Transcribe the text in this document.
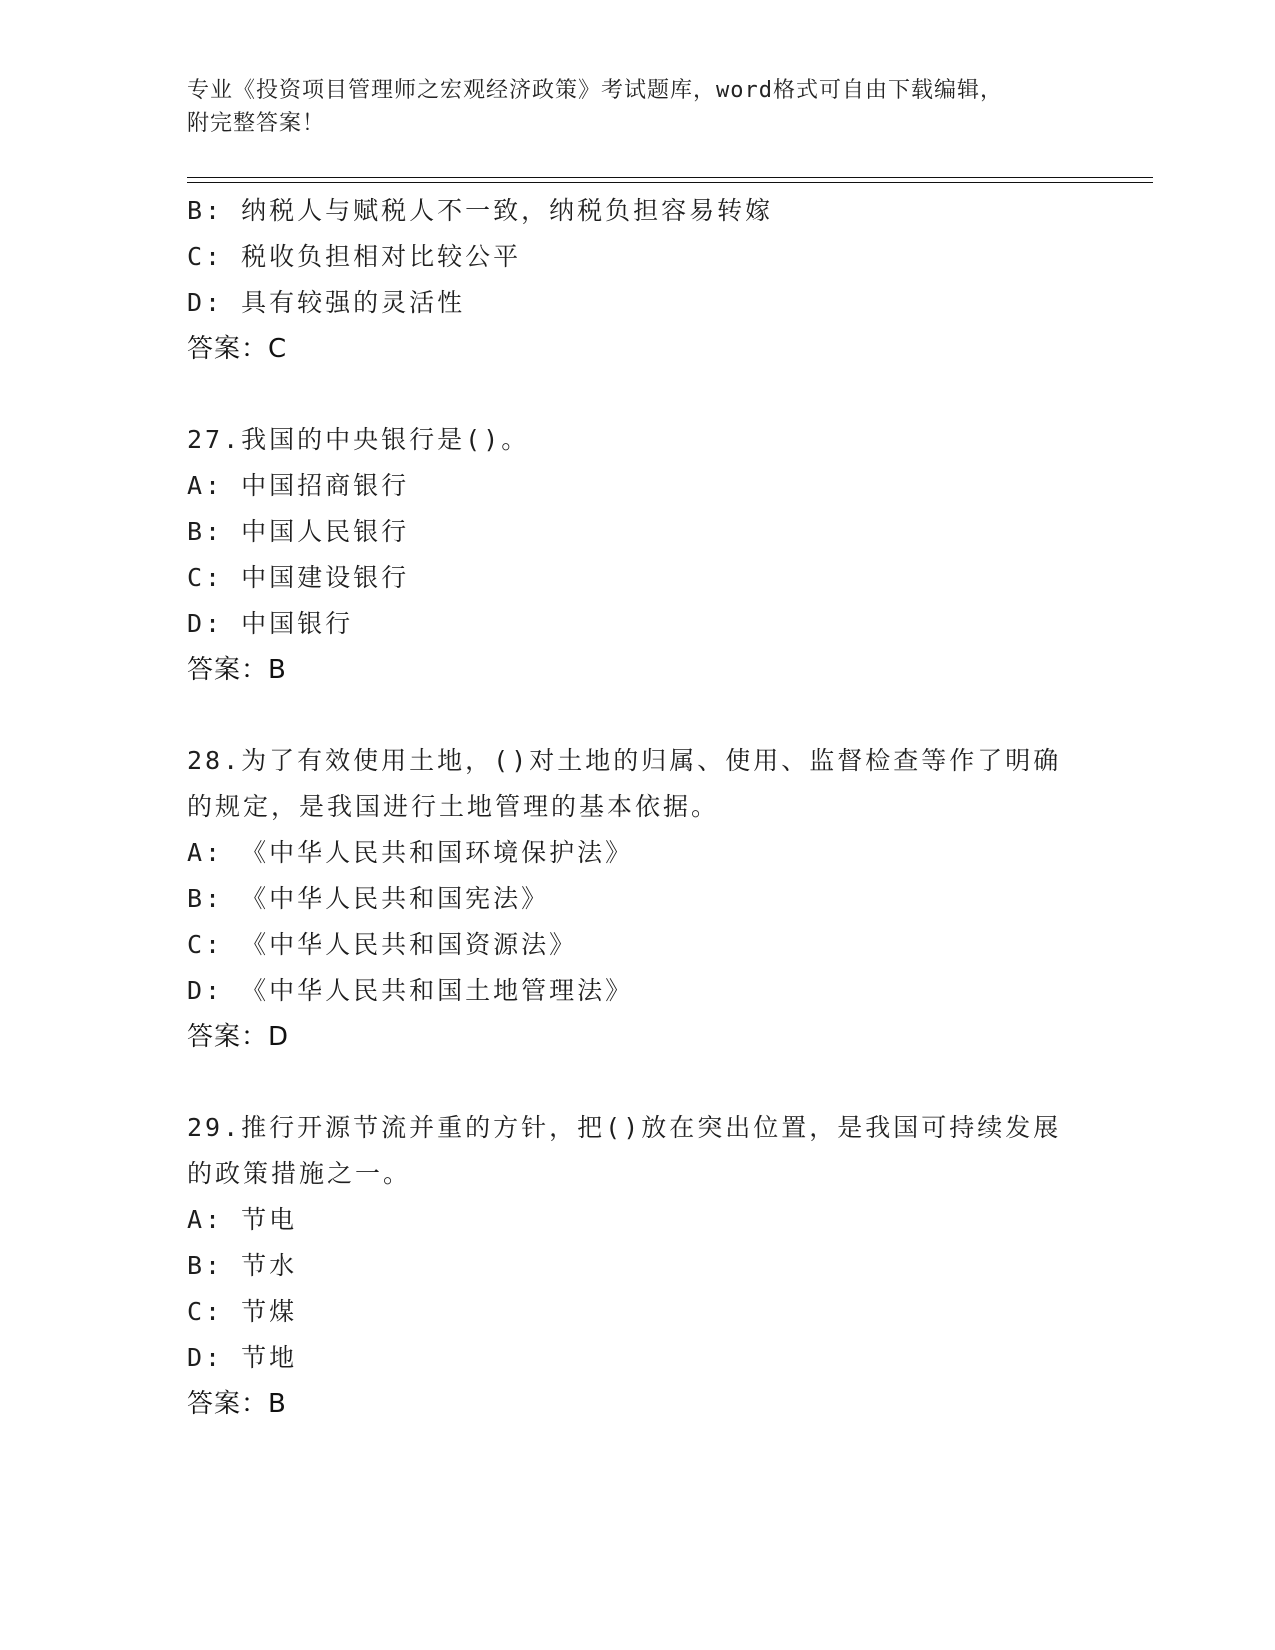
专业《投资项目管理师之宏观经济政策》考试题库，word格式可自由下载编辑，
附完整答案！
B: 纳税人与赋税人不一致，纳税负担容易转嫁
C: 税收负担相对比较公平
D: 具有较强的灵活性
答案：C
27.我国的中央银行是()。
A: 中国招商银行
B: 中国人民银行
C: 中国建设银行
D: 中国银行
答案：B
28.为了有效使用土地，()对土地的归属、使用、监督检查等作了明确
的规定，是我国进行土地管理的基本依据。
A: 《中华人民共和国环境保护法》
B: 《中华人民共和国宪法》
C: 《中华人民共和国资源法》
D: 《中华人民共和国土地管理法》
答案：D
29.推行开源节流并重的方针，把()放在突出位置，是我国可持续发展
的政策措施之一。
A: 节电
B: 节水
C: 节煤
D: 节地
答案：B
